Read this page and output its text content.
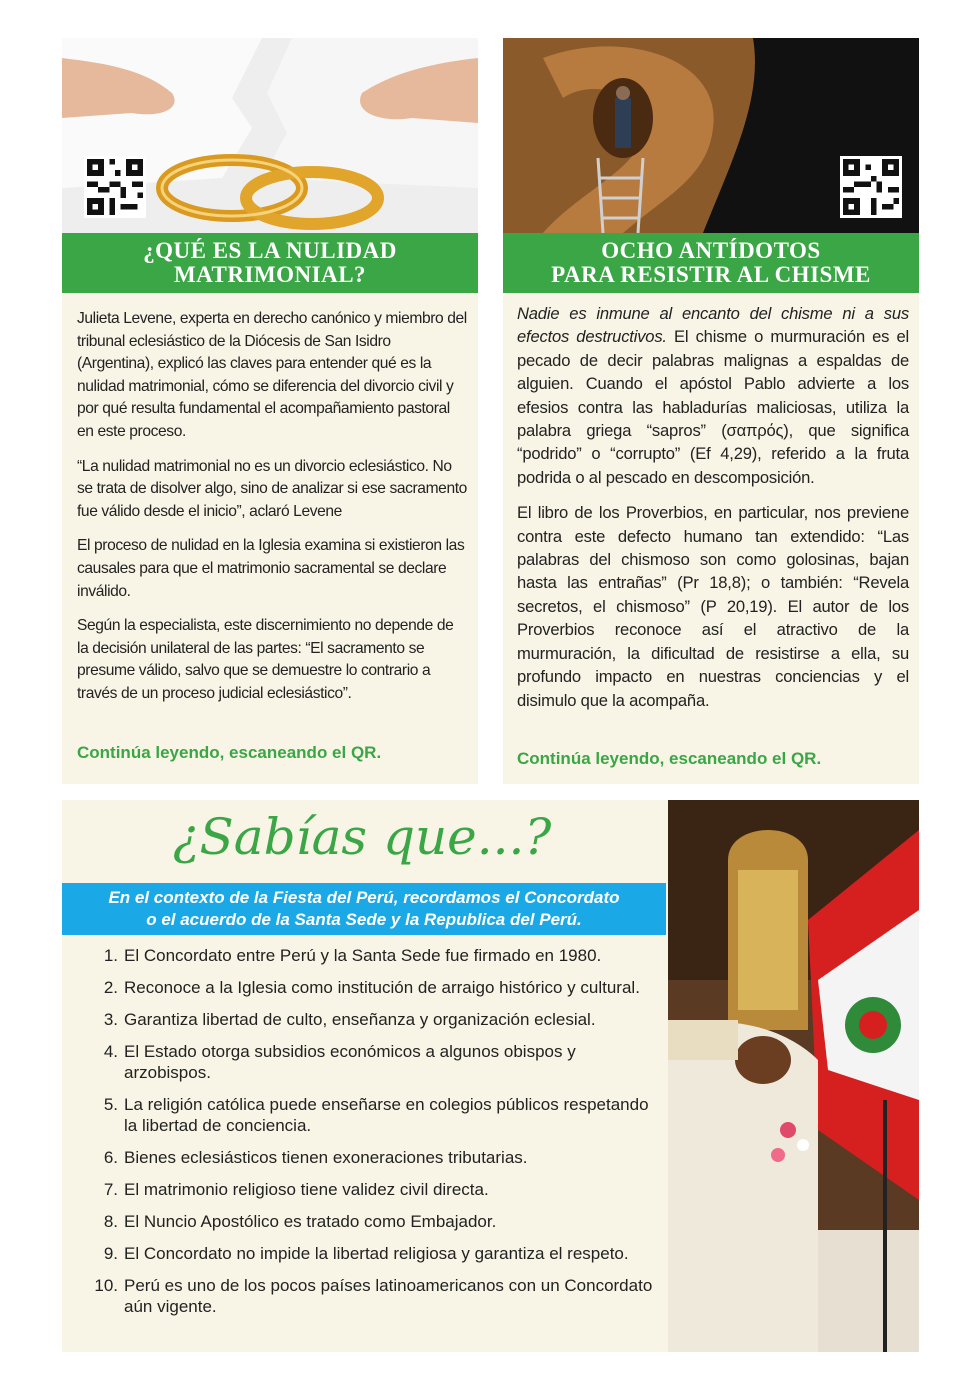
¿QUÉ ES LA NULIDAD
MATRIMONIAL?

Julieta Levene, experta en derecho canónico y miembro del tribunal eclesiástico de la Diócesis de San Isidro (Argentina), explicó las claves para entender qué es la nulidad matrimonial, cómo se diferencia del divorcio civil y por qué resulta fundamental el acompañamiento pastoral en este proceso.

“La nulidad matrimonial no es un divorcio eclesiástico. No se trata de disolver algo, sino de analizar si ese sacramento fue válido desde el inicio”, aclaró Levene

El proceso de nulidad en la Iglesia examina si existieron las causales para que el matrimonio sacramental se declare inválido.

Según la especialista, este discernimiento no depende de la decisión unilateral de las partes: “El sacramento se presume válido, salvo que se demuestre lo contrario a través de un proceso judicial eclesiástico”.

Continúa leyendo, escaneando el QR.
OCHO ANTÍDOTOS
PARA RESISTIR AL CHISME

Nadie es inmune al encanto del chisme ni a sus efectos destructivos. El chisme o murmuración es el pecado de decir palabras malignas a espaldas de alguien. Cuando el apóstol Pablo advierte a los efesios contra las habladurías maliciosas, utiliza la palabra griega “sapros” (σαπρός), que significa “podrido” o “corrupto” (Ef 4,29), referido a la fruta podrida o al pescado en descomposición.

El libro de los Proverbios, en particular, nos previene contra este defecto humano tan extendido: “Las palabras del chismoso son como golosinas, bajan hasta las entrañas” (Pr 18,8); o también: “Revela secretos, el chismoso” (P 20,19). El autor de los Proverbios reconoce así el atractivo de la murmuración, la dificultad de resistirse a ella, su profundo impacto en nuestras conciencias y el disimulo que la acompaña.

Continúa leyendo, escaneando el QR.
¿Sabías que...?
En el contexto de la Fiesta del Perú, recordamos el Concordato
o el acuerdo de la Santa Sede y la Republica del Perú.
1. El Concordato entre Perú y la Santa Sede fue firmado en 1980.
2. Reconoce a la Iglesia como institución de arraigo histórico y cultural.
3. Garantiza libertad de culto, enseñanza y organización eclesial.
4. El Estado otorga subsidios económicos a algunos obispos y arzobispos.
5. La religión católica puede enseñarse en colegios públicos respetando la libertad de conciencia.
6. Bienes eclesiásticos tienen exoneraciones tributarias.
7. El matrimonio religioso tiene validez civil directa.
8. El Nuncio Apostólico es tratado como Embajador.
9. El Concordato no impide la libertad religiosa y garantiza el respeto.
10. Perú es uno de los pocos países latinoamericanos con un Concordato aún vigente.
